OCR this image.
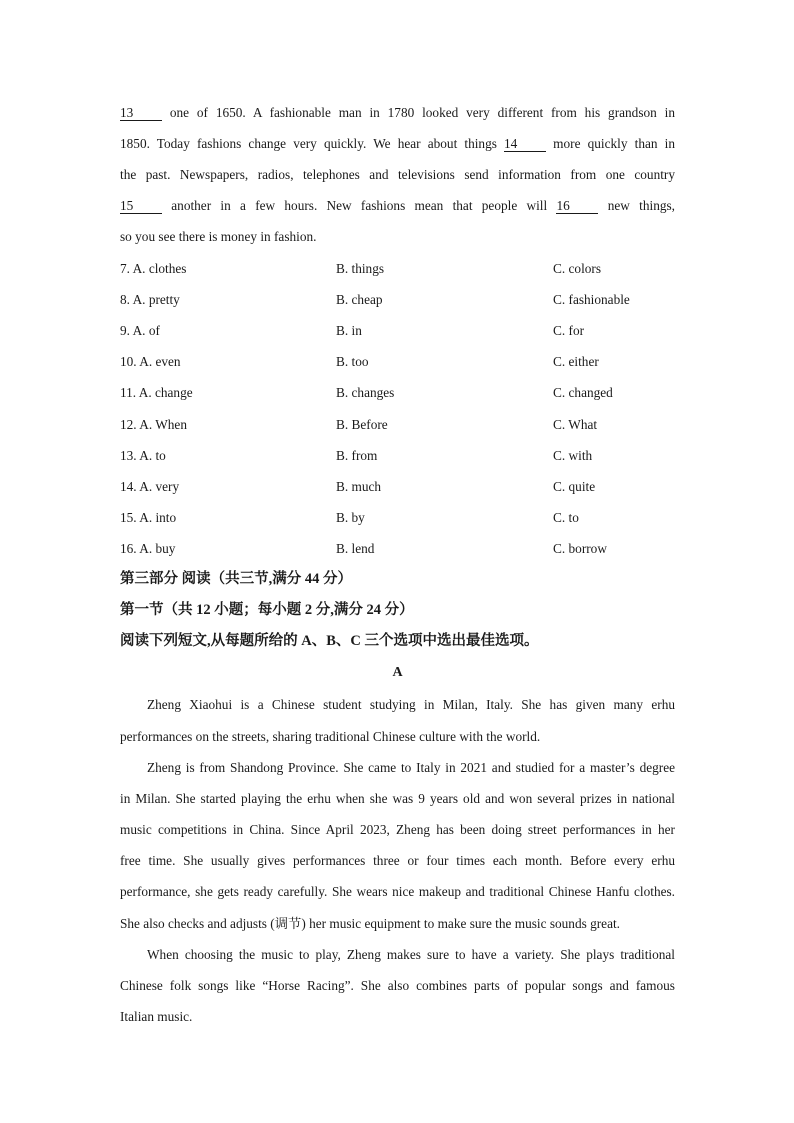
13 one of 1650. A fashionable man in 1780 looked very different from his grandson in
1850. Today fashions change very quickly. We hear about things 14 more quickly than in
the past. Newspapers, radios, telephones and televisions send information from one country
15 another in a few hours. New fashions mean that people will 16 new things,
so you see there is money in fashion.
7. A. clothes	B. things	C. colors
8. A. pretty	B. cheap	C. fashionable
9. A. of	B. in	C. for
10. A. even	B. too	C. either
11. A. change	B. changes	C. changed
12. A. When	B. Before	C. What
13. A. to	B. from	C. with
14. A. very	B. much	C. quite
15. A. into	B. by	C. to
16. A. buy	B. lend	C. borrow
第三部分 阅读（共三节,满分 44 分）
第一节（共 12 小题；每小题 2 分,满分 24 分）
阅读下列短文,从每题所给的 A、B、C 三个选项中选出最佳选项。
A
Zheng Xiaohui is a Chinese student studying in Milan, Italy. She has given many erhu
performances on the streets, sharing traditional Chinese culture with the world.
Zheng is from Shandong Province. She came to Italy in 2021 and studied for a master’s degree
in Milan. She started playing the erhu when she was 9 years old and won several prizes in national
music competitions in China. Since April 2023, Zheng has been doing street performances in her
free time. She usually gives performances three or four times each month. Before every erhu
performance, she gets ready carefully. She wears nice makeup and traditional Chinese Hanfu clothes.
She also checks and adjusts (调节) her music equipment to make sure the music sounds great.
When choosing the music to play, Zheng makes sure to have a variety. She plays traditional
Chinese folk songs like “Horse Racing”. She also combines parts of popular songs and famous
Italian music.
